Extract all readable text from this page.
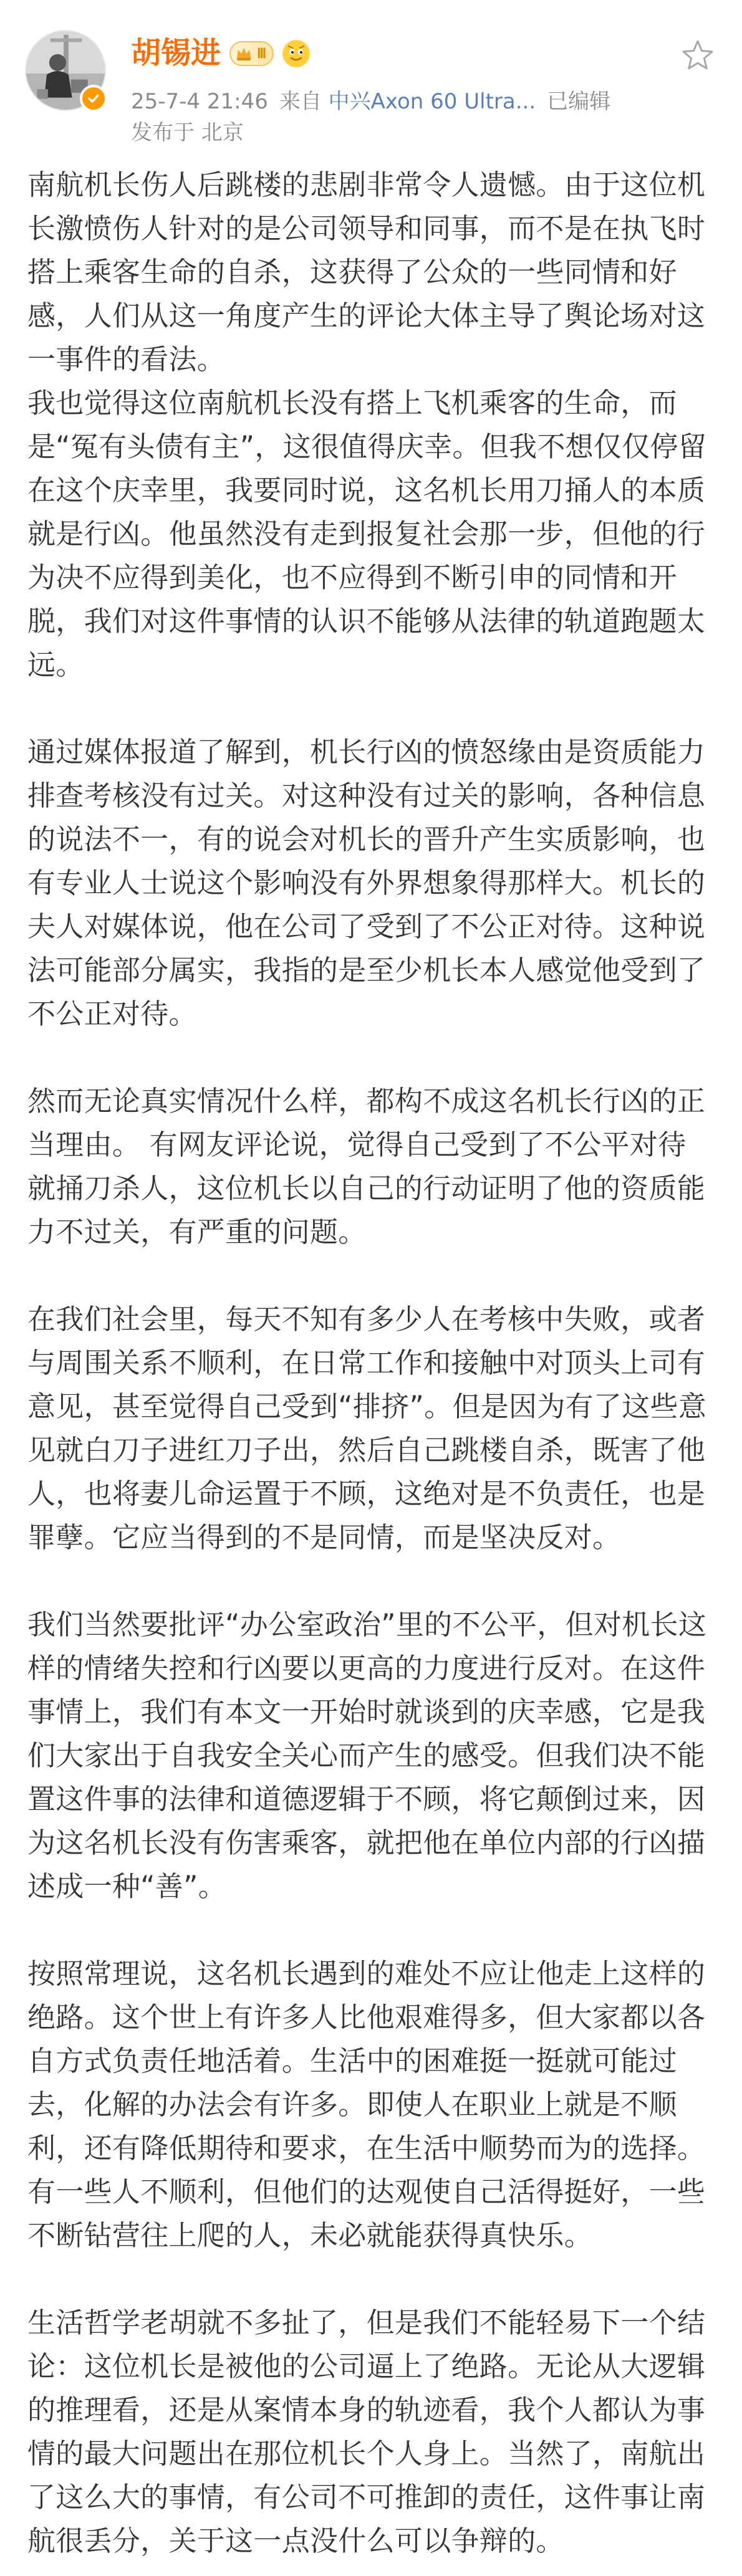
胡锡进	Ⅲ
25-7-4 21:46 来自 中兴Axon 60 Ultra... 已编辑
发布于 北京

南航机长伤人后跳楼的悲剧非常令人遗憾。由于这位机长激愤伤人针对的是公司领导和同事，而不是在执飞时搭上乘客生命的自杀，这获得了公众的一些同情和好感，人们从这一角度产生的评论大体主导了舆论场对这一事件的看法。

我也觉得这位南航机长没有搭上飞机乘客的生命，而是“冤有头债有主”，这很值得庆幸。但我不想仅仅停留在这个庆幸里，我要同时说，这名机长用刀捅人的本质就是行凶。他虽然没有走到报复社会那一步，但他的行为决不应得到美化，也不应得到不断引申的同情和开脱，我们对这件事情的认识不能够从法律的轨道跑题太远。

通过媒体报道了解到，机长行凶的愤怒缘由是资质能力排查考核没有过关。对这种没有过关的影响，各种信息的说法不一，有的说会对机长的晋升产生实质影响，也有专业人士说这个影响没有外界想象得那样大。机长的夫人对媒体说，他在公司了受到了不公正对待。这种说法可能部分属实，我指的是至少机长本人感觉他受到了不公正对待。

然而无论真实情况什么样，都构不成这名机长行凶的正当理由。 有网友评论说，觉得自己受到了不公平对待就捅刀杀人，这位机长以自己的行动证明了他的资质能力不过关，有严重的问题。

在我们社会里，每天不知有多少人在考核中失败，或者与周围关系不顺利，在日常工作和接触中对顶头上司有意见，甚至觉得自己受到“排挤”。但是因为有了这些意见就白刀子进红刀子出，然后自己跳楼自杀，既害了他人，也将妻儿命运置于不顾，这绝对是不负责任，也是罪孽。它应当得到的不是同情，而是坚决反对。

我们当然要批评“办公室政治”里的不公平，但对机长这样的情绪失控和行凶要以更高的力度进行反对。在这件事情上，我们有本文一开始时就谈到的庆幸感，它是我们大家出于自我安全关心而产生的感受。但我们决不能置这件事的法律和道德逻辑于不顾，将它颠倒过来，因为这名机长没有伤害乘客，就把他在单位内部的行凶描述成一种“善”。

按照常理说，这名机长遇到的难处不应让他走上这样的绝路。这个世上有许多人比他艰难得多，但大家都以各自方式负责任地活着。生活中的困难挺一挺就可能过去，化解的办法会有许多。即使人在职业上就是不顺利，还有降低期待和要求，在生活中顺势而为的选择。有一些人不顺利，但他们的达观使自己活得挺好，一些不断钻营往上爬的人，未必就能获得真快乐。

生活哲学老胡就不多扯了，但是我们不能轻易下一个结论：这位机长是被他的公司逼上了绝路。无论从大逻辑的推理看，还是从案情本身的轨迹看，我个人都认为事情的最大问题出在那位机长个人身上。当然了，南航出了这么大的事情，有公司不可推卸的责任，这件事让南航很丢分，关于这一点没什么可以争辩的。
